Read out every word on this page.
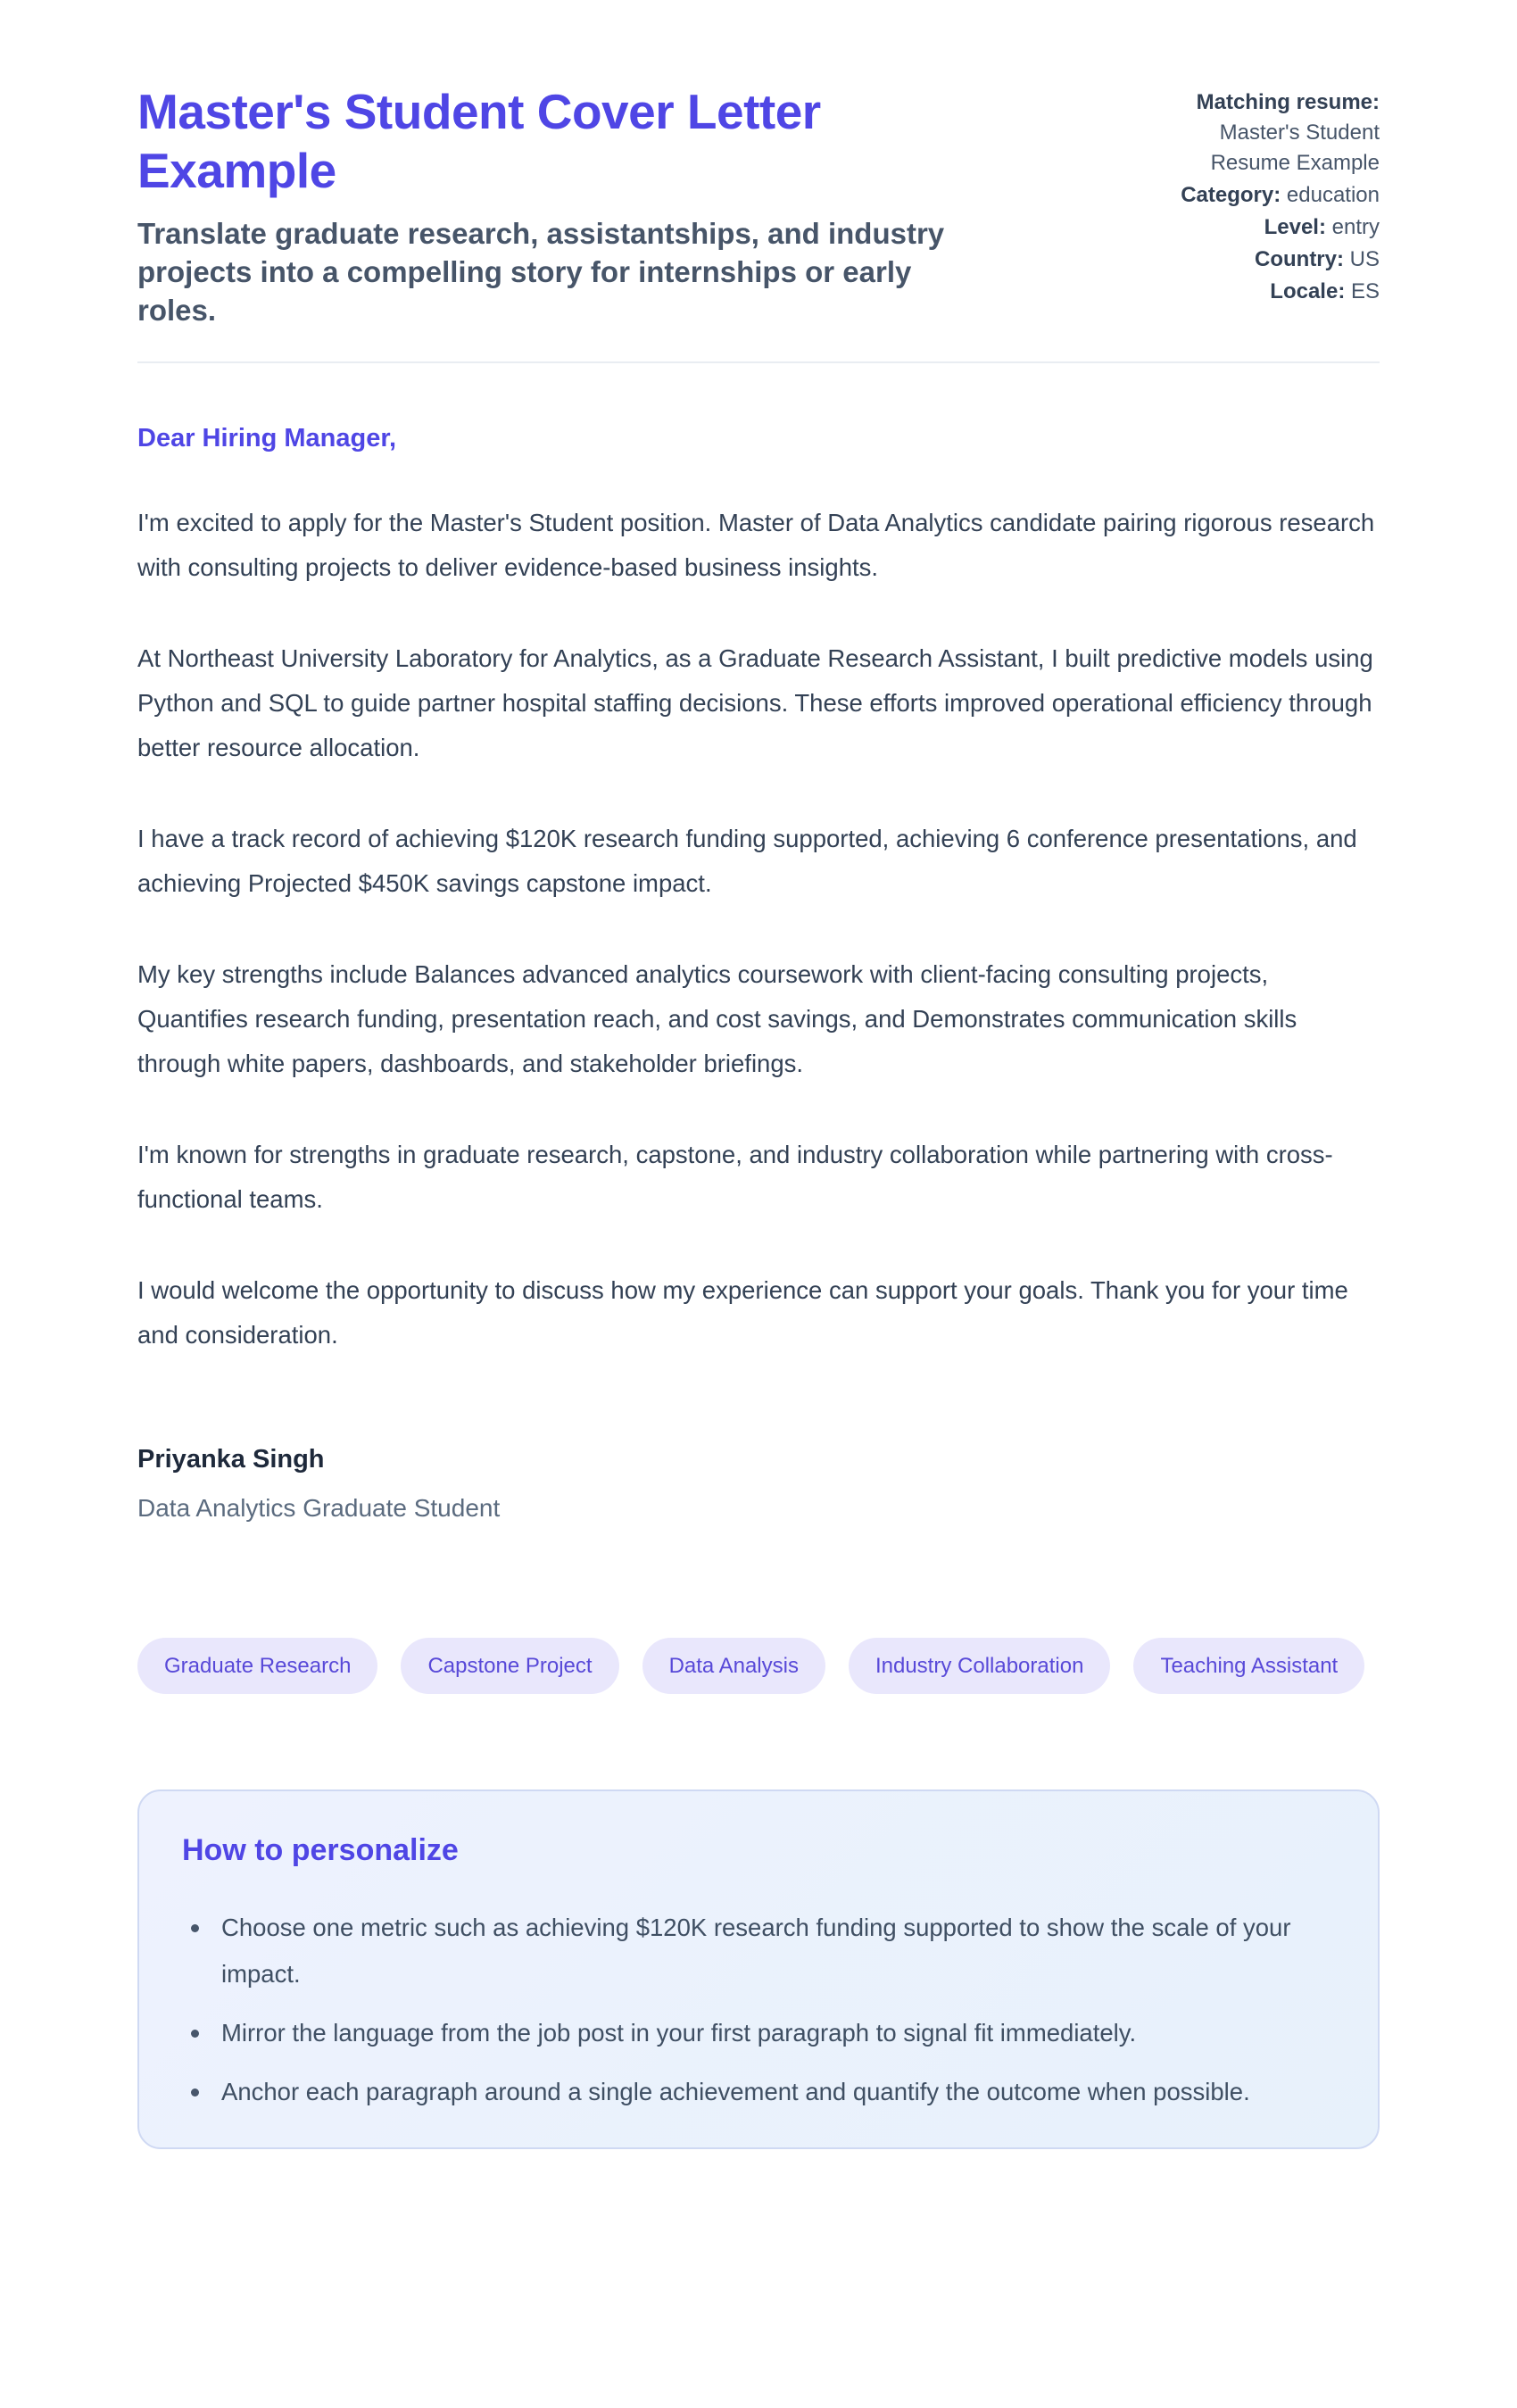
Master's Student Cover Letter Example
Translate graduate research, assistantships, and industry projects into a compelling story for internships or early roles.
Matching resume:
Master's Student Resume Example
Category: education
Level: entry
Country: US
Locale: ES
Dear Hiring Manager,

I'm excited to apply for the Master's Student position. Master of Data Analytics candidate pairing rigorous research with consulting projects to deliver evidence-based business insights.

At Northeast University Laboratory for Analytics, as a Graduate Research Assistant, I built predictive models using Python and SQL to guide partner hospital staffing decisions. These efforts improved operational efficiency through better resource allocation.

I have a track record of achieving $120K research funding supported, achieving 6 conference presentations, and achieving Projected $450K savings capstone impact.

My key strengths include Balances advanced analytics coursework with client-facing consulting projects, Quantifies research funding, presentation reach, and cost savings, and Demonstrates communication skills through white papers, dashboards, and stakeholder briefings.

I'm known for strengths in graduate research, capstone, and industry collaboration while partnering with cross-functional teams.

I would welcome the opportunity to discuss how my experience can support your goals. Thank you for your time and consideration.

Priyanka Singh
Data Analytics Graduate Student
Graduate Research	Capstone Project	Data Analysis	Industry Collaboration	Teaching Assistant
How to personalize
Choose one metric such as achieving $120K research funding supported to show the scale of your impact.
Mirror the language from the job post in your first paragraph to signal fit immediately.
Anchor each paragraph around a single achievement and quantify the outcome when possible.
